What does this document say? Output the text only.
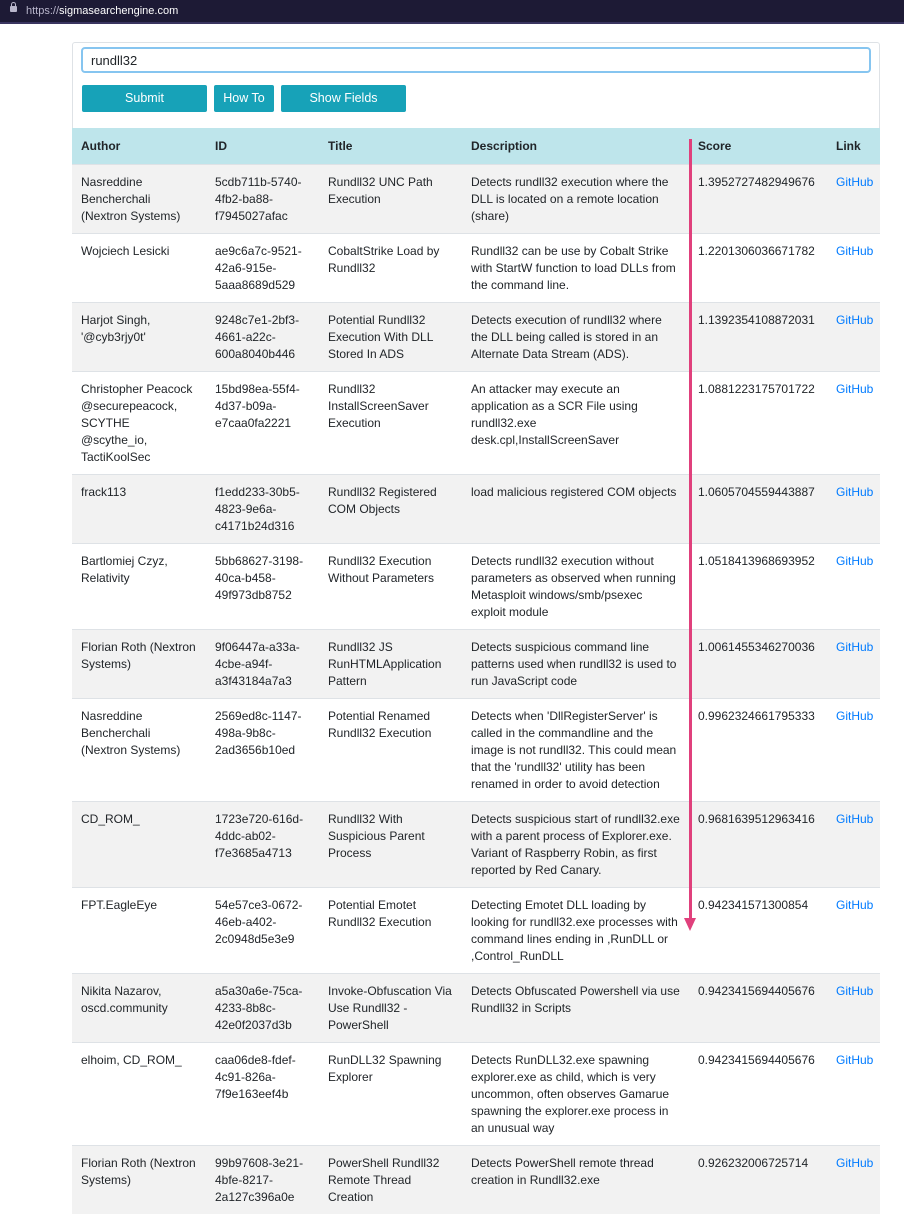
https://sigmasearchengine.com
rundll32
Submit	How To	Show Fields
Author	ID	Title	Description	Score	Link
Nasreddine Bencherchali (Nextron Systems)	5cdb711b-5740-4fb2-ba88-f7945027afac	Rundll32 UNC Path Execution	Detects rundll32 execution where the DLL is located on a remote location (share)	1.3952727482949676	GitHub
Wojciech Lesicki	ae9c6a7c-9521-42a6-915e-5aaa8689d529	CobaltStrike Load by Rundll32	Rundll32 can be use by Cobalt Strike with StartW function to load DLLs from the command line.	1.2201306036671782	GitHub
Harjot Singh, '@cyb3rjy0t'	9248c7e1-2bf3-4661-a22c-600a8040b446	Potential Rundll32 Execution With DLL Stored In ADS	Detects execution of rundll32 where the DLL being called is stored in an Alternate Data Stream (ADS).	1.1392354108872031	GitHub
Christopher Peacock @securepeacock, SCYTHE @scythe_io, TactiKoolSec	15bd98ea-55f4-4d37-b09a-e7caa0fa2221	Rundll32 InstallScreenSaver Execution	An attacker may execute an application as a SCR File using rundll32.exe desk.cpl,InstallScreenSaver	1.0881223175701722	GitHub
frack113	f1edd233-30b5-4823-9e6a-c4171b24d316	Rundll32 Registered COM Objects	load malicious registered COM objects	1.0605704559443887	GitHub
Bartlomiej Czyz, Relativity	5bb68627-3198-40ca-b458-49f973db8752	Rundll32 Execution Without Parameters	Detects rundll32 execution without parameters as observed when running Metasploit windows/smb/psexec exploit module	1.0518413968693952	GitHub
Florian Roth (Nextron Systems)	9f06447a-a33a-4cbe-a94f-a3f43184a7a3	Rundll32 JS RunHTMLApplication Pattern	Detects suspicious command line patterns used when rundll32 is used to run JavaScript code	1.0061455346270036	GitHub
Nasreddine Bencherchali (Nextron Systems)	2569ed8c-1147-498a-9b8c-2ad3656b10ed	Potential Renamed Rundll32 Execution	Detects when 'DllRegisterServer' is called in the commandline and the image is not rundll32. This could mean that the 'rundll32' utility has been renamed in order to avoid detection	0.9962324661795333	GitHub
CD_ROM_	1723e720-616d-4ddc-ab02-f7e3685a4713	Rundll32 With Suspicious Parent Process	Detects suspicious start of rundll32.exe with a parent process of Explorer.exe. Variant of Raspberry Robin, as first reported by Red Canary.	0.9681639512963416	GitHub
FPT.EagleEye	54e57ce3-0672-46eb-a402-2c0948d5e3e9	Potential Emotet Rundll32 Execution	Detecting Emotet DLL loading by looking for rundll32.exe processes with command lines ending in ,RunDLL or ,Control_RunDLL	0.942341571300854	GitHub
Nikita Nazarov, oscd.community	a5a30a6e-75ca-4233-8b8c-42e0f2037d3b	Invoke-Obfuscation Via Use Rundll32 - PowerShell	Detects Obfuscated Powershell via use Rundll32 in Scripts	0.9423415694405676	GitHub
elhoim, CD_ROM_	caa06de8-fdef-4c91-826a-7f9e163eef4b	RunDLL32 Spawning Explorer	Detects RunDLL32.exe spawning explorer.exe as child, which is very uncommon, often observes Gamarue spawning the explorer.exe process in an unusual way	0.9423415694405676	GitHub
Florian Roth (Nextron Systems)	99b97608-3e21-4bfe-8217-2a127c396a0e	PowerShell Rundll32 Remote Thread Creation	Detects PowerShell remote thread creation in Rundll32.exe	0.926232006725714	GitHub
